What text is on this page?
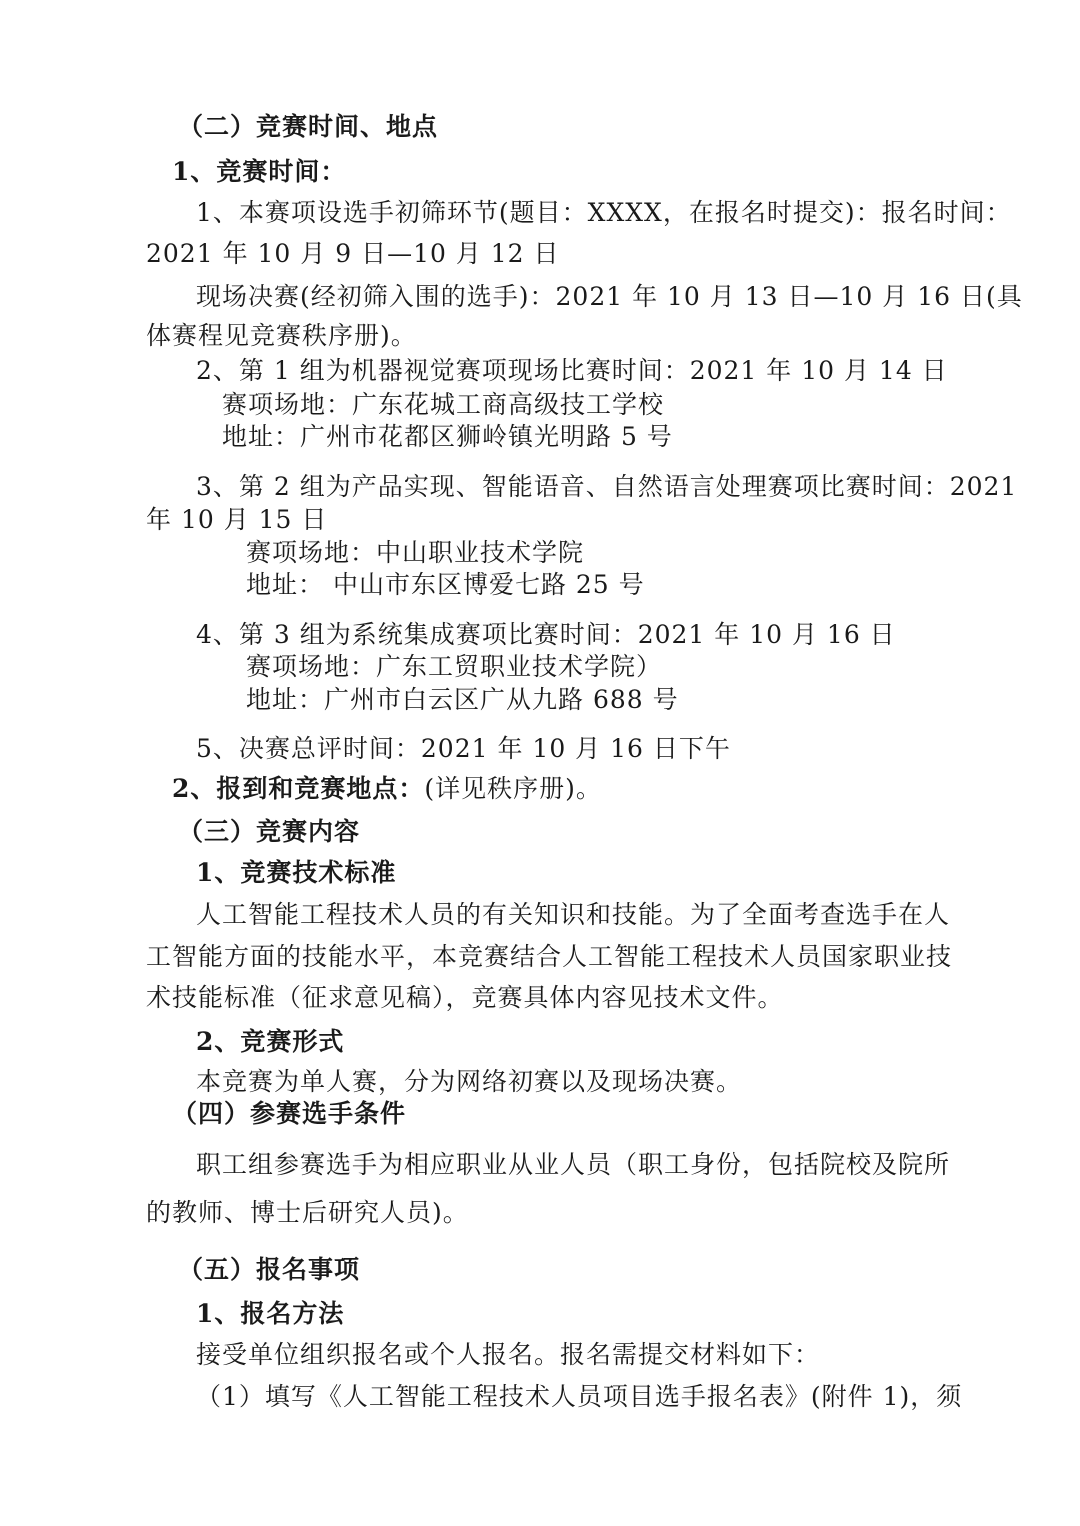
（二）竞赛时间、地点
1、竞赛时间：
1、本赛项设选手初筛环节(题目：XXXX，在报名时提交)：报名时间：
2021 年 10 月 9 日—10 月 12 日
现场决赛(经初筛入围的选手)：2021 年 10 月 13 日—10 月 16 日(具
体赛程见竞赛秩序册)。
2、第 1 组为机器视觉赛项现场比赛时间：2021 年 10 月 14 日
赛项场地：广东花城工商高级技工学校
地址：广州市花都区狮岭镇光明路 5 号
3、第 2 组为产品实现、智能语音、自然语言处理赛项比赛时间：2021
年 10 月 15 日
赛项场地：中山职业技术学院
地址： 中山市东区博爱七路 25 号
4、第 3 组为系统集成赛项比赛时间：2021 年 10 月 16 日
赛项场地：广东工贸职业技术学院）
地址：广州市白云区广从九路 688 号
5、决赛总评时间：2021 年 10 月 16 日下午
2、报到和竞赛地点：(详见秩序册)。
（三）竞赛内容
1、竞赛技术标准
人工智能工程技术人员的有关知识和技能。为了全面考查选手在人
工智能方面的技能水平，本竞赛结合人工智能工程技术人员国家职业技
术技能标准（征求意见稿），竞赛具体内容见技术文件。
2、竞赛形式
本竞赛为单人赛，分为网络初赛以及现场决赛。
（四）参赛选手条件
职工组参赛选手为相应职业从业人员（职工身份，包括院校及院所
的教师、博士后研究人员)。
（五）报名事项
1、报名方法
接受单位组织报名或个人报名。报名需提交材料如下：
（1）填写《人工智能工程技术人员项目选手报名表》(附件 1)，须
